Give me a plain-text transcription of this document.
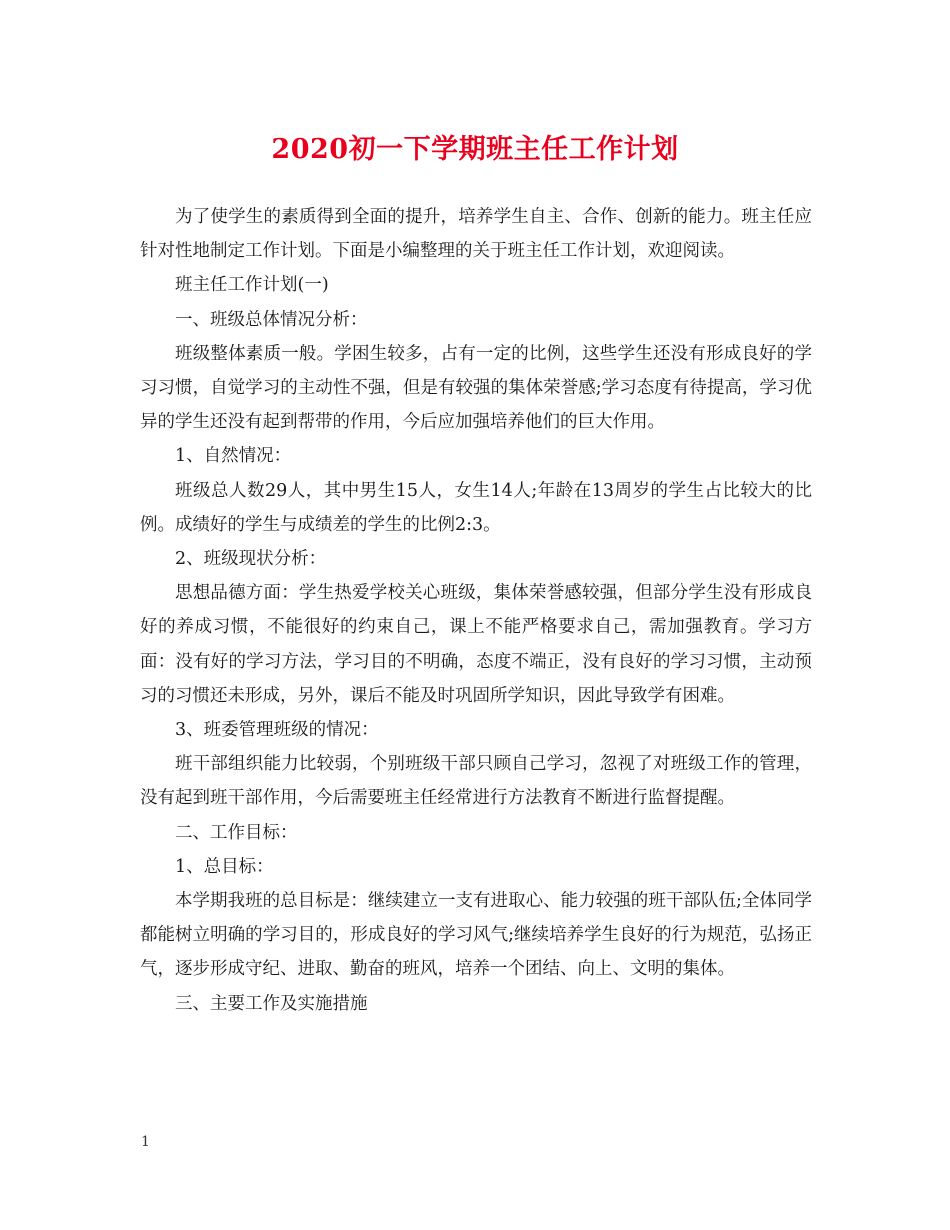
2020初一下学期班主任工作计划

为了使学生的素质得到全面的提升，培养学生自主、合作、创新的能力。班主任应针对性地制定工作计划。下面是小编整理的关于班主任工作计划，欢迎阅读。

班主任工作计划(一)

一、班级总体情况分析：

班级整体素质一般。学困生较多，占有一定的比例，这些学生还没有形成良好的学习习惯，自觉学习的主动性不强，但是有较强的集体荣誉感;学习态度有待提高，学习优异的学生还没有起到帮带的作用，今后应加强培养他们的巨大作用。

1、自然情况：

班级总人数29人，其中男生15人，女生14人;年龄在13周岁的学生占比较大的比例。成绩好的学生与成绩差的学生的比例2:3。

2、班级现状分析：

思想品德方面：学生热爱学校关心班级，集体荣誉感较强，但部分学生没有形成良好的养成习惯，不能很好的约束自己，课上不能严格要求自己，需加强教育。学习方面：没有好的学习方法，学习目的不明确，态度不端正，没有良好的学习习惯，主动预习的习惯还未形成，另外，课后不能及时巩固所学知识，因此导致学有困难。

3、班委管理班级的情况：

班干部组织能力比较弱，个别班级干部只顾自己学习，忽视了对班级工作的管理，没有起到班干部作用，今后需要班主任经常进行方法教育不断进行监督提醒。

二、工作目标：

1、总目标：

本学期我班的总目标是：继续建立一支有进取心、能力较强的班干部队伍;全体同学都能树立明确的学习目的，形成良好的学习风气;继续培养学生良好的行为规范，弘扬正气，逐步形成守纪、进取、勤奋的班风，培养一个团结、向上、文明的集体。

三、主要工作及实施措施

1
